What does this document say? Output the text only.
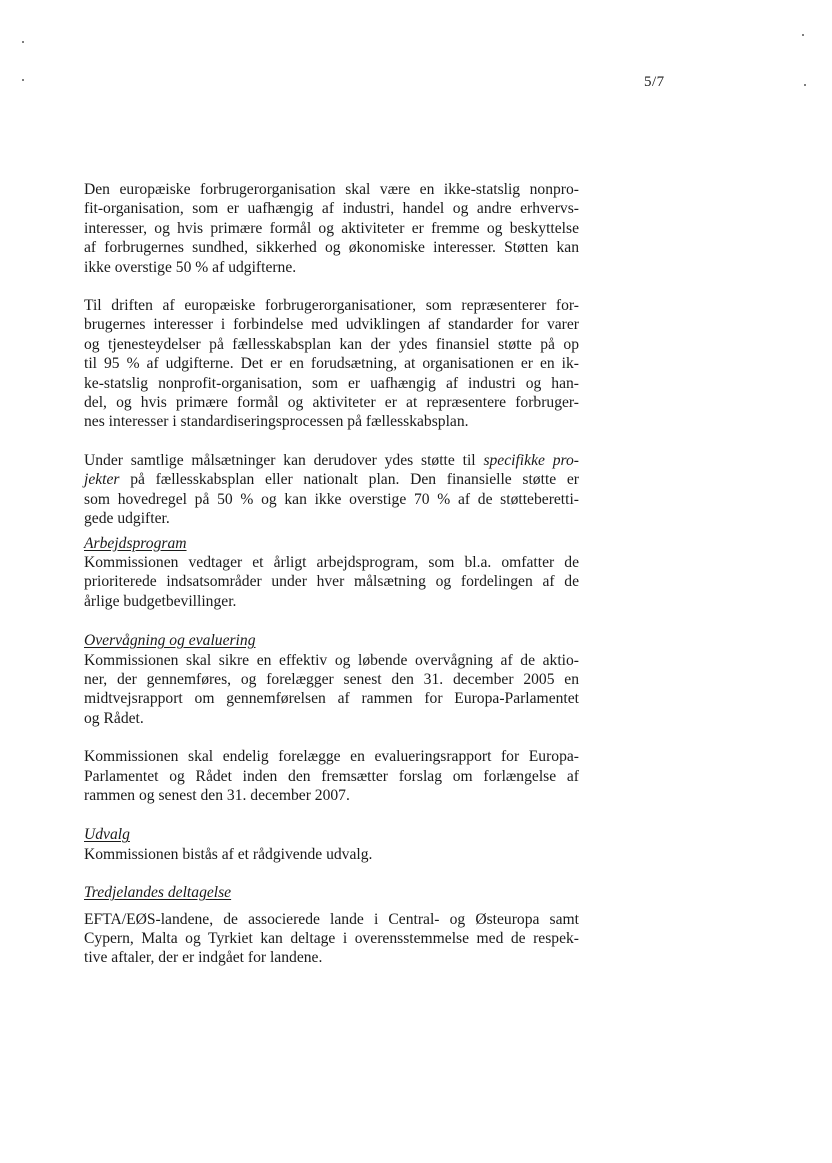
5/7
Den europæiske forbrugerorganisation skal være en ikke-statslig nonpro-
fit-organisation, som er uafhængig af industri, handel og andre erhvervs-
interesser, og hvis primære formål og aktiviteter er fremme og beskyttelse
af forbrugernes sundhed, sikkerhed og økonomiske interesser. Støtten kan
ikke overstige 50 % af udgifterne.
Til driften af europæiske forbrugerorganisationer, som repræsenterer for-
brugernes interesser i forbindelse med udviklingen af standarder for varer
og tjenesteydelser på fællesskabsplan kan der ydes finansiel støtte på op
til 95 % af udgifterne. Det er en forudsætning, at organisationen er en ik-
ke-statslig nonprofit-organisation, som er uafhængig af industri og han-
del, og hvis primære formål og aktiviteter er at repræsentere forbruger-
nes interesser i standardiseringsprocessen på fællesskabsplan.
Under samtlige målsætninger kan derudover ydes støtte til specifikke pro-
jekter på fællesskabsplan eller nationalt plan. Den finansielle støtte er
som hovedregel på 50 % og kan ikke overstige 70 % af de støtteberetti-
gede udgifter.
Arbejdsprogram
Kommissionen vedtager et årligt arbejdsprogram, som bl.a. omfatter de
prioriterede indsatsområder under hver målsætning og fordelingen af de
årlige budgetbevillinger.
Overvågning og evaluering
Kommissionen skal sikre en effektiv og løbende overvågning af de aktio-
ner, der gennemføres, og forelægger senest den 31. december 2005 en
midtvejsrapport om gennemførelsen af rammen for Europa-Parlamentet
og Rådet.
Kommissionen skal endelig forelægge en evalueringsrapport for Europa-
Parlamentet og Rådet inden den fremsætter forslag om forlængelse af
rammen og senest den 31. december 2007.
Udvalg
Kommissionen bistås af et rådgivende udvalg.
Tredjelandes deltagelse
EFTA/EØS-landene, de associerede lande i Central- og Østeuropa samt
Cypern, Malta og Tyrkiet kan deltage i overensstemmelse med de respek-
tive aftaler, der er indgået for landene.
